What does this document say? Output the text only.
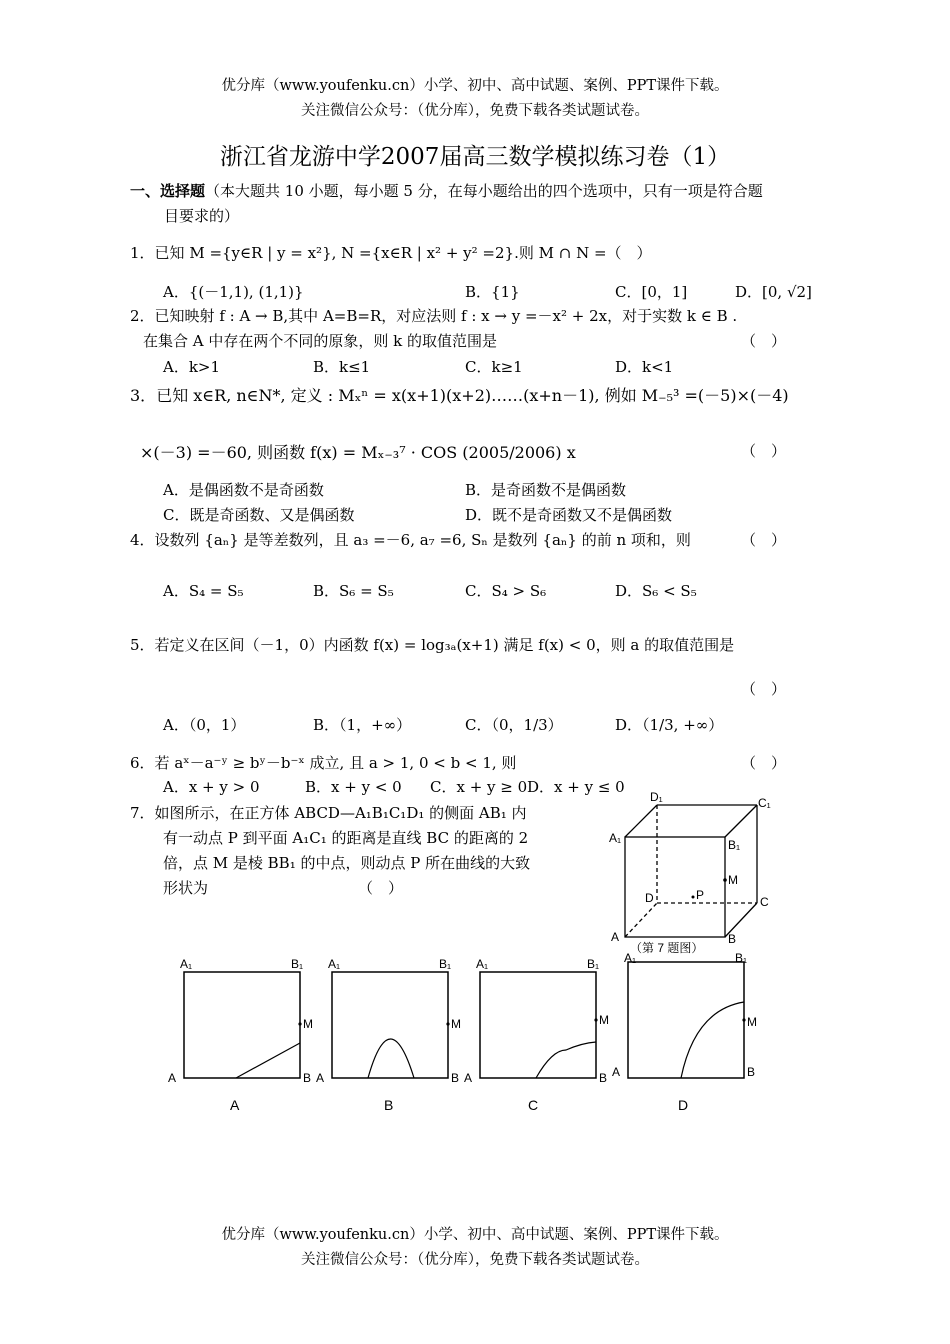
优分库（www.youfenku.cn）小学、初中、高中试题、案例、PPT课件下载。
关注微信公众号：（优分库），免费下载各类试题试卷。
浙江省龙游中学2007届高三数学模拟练习卷（1）
一、选择题（本大题共 10 小题，每小题 5 分，在每小题给出的四个选项中，只有一项是符合题
目要求的）
1．已知 M ={y∈R | y = x²}, N ={x∈R | x² + y² =2}.则 M ∩ N =（　）
A．{(－1,1), (1,1)}	B．{1}	C．[0，1]	D．[0, √2]
2．已知映射 f : A → B,其中 A=B=R，对应法则 f : x → y =－x² + 2x，对于实数 k ∈ B .
在集合 A 中存在两个不同的原象，则 k 的取值范围是	（　）
A．k>1	B．k≤1	C．k≥1	D．k<1
3．已知 x∈R, n∈N*, 定义 : Mₓⁿ = x(x+1)(x+2)……(x+n－1), 例如 M₋₅³ =(－5)×(－4)
×(－3) =－60, 则函数 f(x) = Mₓ₋₃⁷ · COS (2005/2006) x	（　）
A．是偶函数不是奇函数	B．是奇函数不是偶函数
C．既是奇函数、又是偶函数	D．既不是奇函数又不是偶函数
4．设数列 {aₙ} 是等差数列，且 a₃ =－6, a₇ =6, Sₙ 是数列 {aₙ} 的前 n 项和，则	（　）
A．S₄ = S₅	B．S₆ = S₅	C．S₄ > S₆	D．S₆ < S₅
5．若定义在区间（－1，0）内函数 f(x) = log₃ₐ(x+1) 满足 f(x) < 0，则 a 的取值范围是
（　）
A．（0，1）	B．（1，+∞）	C．（0，1/3）	D．（1/3, +∞）
6．若 aˣ－a⁻ʸ ≥ bʸ－b⁻ˣ 成立, 且 a > 1, 0 < b < 1, 则	（　）
A．x + y > 0	B．x + y < 0 C．x + y ≥ 0 D．x + y ≤ 0
7．如图所示，在正方体 ABCD—A₁B₁C₁D₁ 的侧面 AB₁ 内
有一动点 P 到平面 A₁C₁ 的距离是直线 BC 的距离的 2
倍，点 M 是棱 BB₁ 的中点，则动点 P 所在曲线的大致
形状为	（　）
D₁	C₁
A₁	B₁
M
D	P	C
A	B
（第 7 题图）
A₁	B₁
M
A	B
A
A₁	B₁
M
A	B
B
A₁	B₁
M
A	B
C
A₁	B₁
M
A	B
D
优分库（www.youfenku.cn）小学、初中、高中试题、案例、PPT课件下载。
关注微信公众号：（优分库），免费下载各类试题试卷。
